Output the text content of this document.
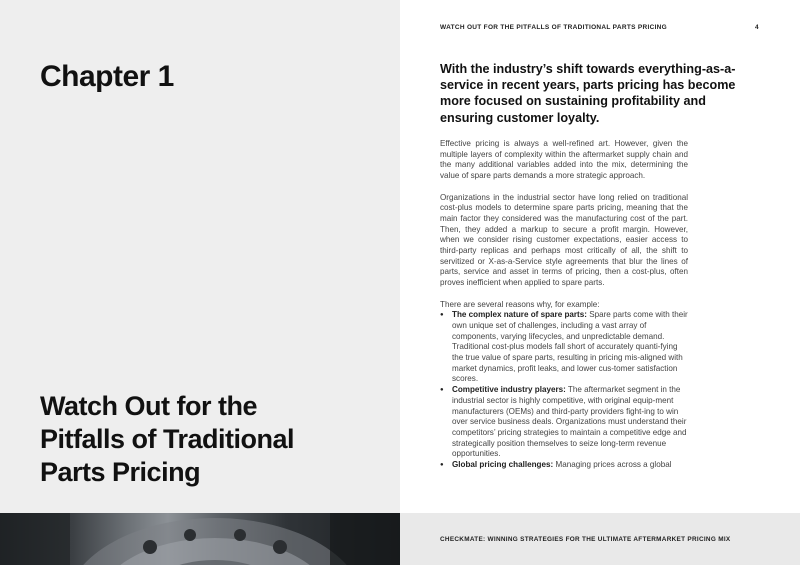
Chapter 1
Watch Out for the Pitfalls of Traditional Parts Pricing
WATCH OUT FOR THE PITFALLS OF TRADITIONAL PARTS PRICING	4
With the industry’s shift towards everything-as-a-service in recent years, parts pricing has become more focused on sustaining profitability and ensuring customer loyalty.

Effective pricing is always a well-refined art. However, given the multiple layers of complexity within the aftermarket supply chain and the many additional variables added into the mix, determining the value of spare parts demands a more strategic approach.

Organizations in the industrial sector have long relied on traditional cost-plus models to determine spare parts pricing, meaning that the main factor they considered was the manufacturing cost of the part. Then, they added a markup to secure a profit margin. However, when we consider rising customer expectations, easier access to third-party replicas and perhaps most critically of all, the shift to servitized or X-as-a-Service style agreements that blur the lines of parts, service and asset in terms of pricing, then a cost-plus, often proves inefficient when applied to spare parts.

There are several reasons why, for example:

● The complex nature of spare parts: Spare parts come with their own unique set of challenges, including a vast array of components, varying lifecycles, and unpredictable demand. Traditional cost-plus models fall short of accurately quanti-fying the true value of spare parts, resulting in pricing mis-aligned with market dynamics, profit leaks, and lower cus-tomer satisfaction scores.
● Competitive industry players: The aftermarket segment in the industrial sector is highly competitive, with original equip-ment manufacturers (OEMs) and third-party providers fight-ing to win over service business deals. Organizations must understand their competitors’ pricing strategies to maintain a competitive edge and strategically position themselves to seize long-term revenue opportunities.
● Global pricing challenges: Managing prices across a global
CHECKMATE: WINNING STRATEGIES FOR THE ULTIMATE AFTERMARKET PRICING MIX
